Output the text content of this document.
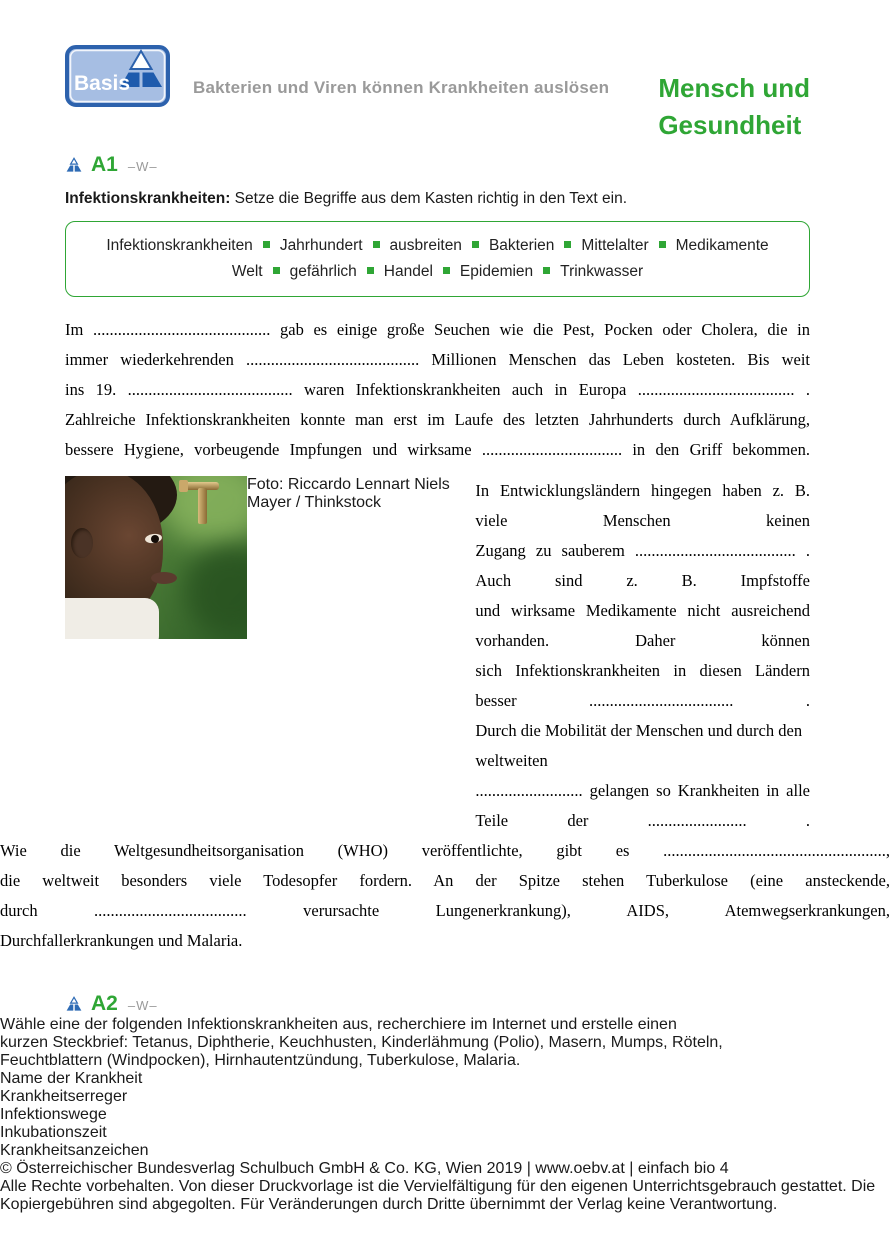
Basis	Bakterien und Viren können Krankheiten auslösen Mensch und
Gesundheit
A1 –W–
Infektionskrankheiten: Setze die Begriffe aus dem Kasten richtig in den Text ein.
Infektionskrankheiten Jahrhundert ausbreiten Bakterien Mittelalter Medikamente
Welt gefährlich Handel Epidemien Trinkwasser
Im ........................................... gab es einige große Seuchen wie die Pest, Pocken oder Cholera, die in
immer wiederkehrenden .......................................... Millionen Menschen das Leben kosteten. Bis weit
ins 19. ........................................ waren Infektionskrankheiten auch in Europa ...................................... .
Zahlreiche Infektionskrankheiten konnte man erst im Laufe des letzten Jahrhunderts durch Aufklärung,
bessere Hygiene, vorbeugende Impfungen und wirksame .................................. in den Griff bekommen.
Foto: Riccardo Lennart Niels Mayer / Thinkstock
In Entwicklungsländern hingegen haben z. B. viele Menschen keinen
Zugang zu sauberem ....................................... . Auch sind z. B. Impfstoffe
und wirksame Medikamente nicht ausreichend vorhanden. Daher können
sich Infektionskrankheiten in diesen Ländern besser ................................... .
Durch die Mobilität der Menschen und durch den weltweiten
.......................... gelangen so Krankheiten in alle Teile der ........................ .
Wie die Weltgesundheitsorganisation (WHO) veröffentlichte, gibt es ......................................................,
die weltweit besonders viele Todesopfer fordern. An der Spitze stehen Tuberkulose (eine ansteckende,
durch ..................................... verursachte Lungenerkrankung), AIDS, Atemwegserkrankungen,
Durchfallerkrankungen und Malaria.
A2 –W–
Wähle eine der folgenden Infektionskrankheiten aus, recherchiere im Internet und erstelle einen
kurzen Steckbrief: Tetanus, Diphtherie, Keuchhusten, Kinderlähmung (Polio), Masern, Mumps, Röteln,
Feuchtblattern (Windpocken), Hirnhautentzündung, Tuberkulose, Malaria.
Name der Krankheit
Krankheitserreger
Infektionswege
Inkubationszeit
Krankheitsanzeichen
© Österreichischer Bundesverlag Schulbuch GmbH & Co. KG, Wien 2019 | www.oebv.at | einfach bio 4
Alle Rechte vorbehalten. Von dieser Druckvorlage ist die Vervielfältigung für den eigenen Unterrichtsgebrauch gestattet. Die Kopiergebühren sind abgegolten. Für Veränderungen durch Dritte übernimmt der Verlag keine Verantwortung.
